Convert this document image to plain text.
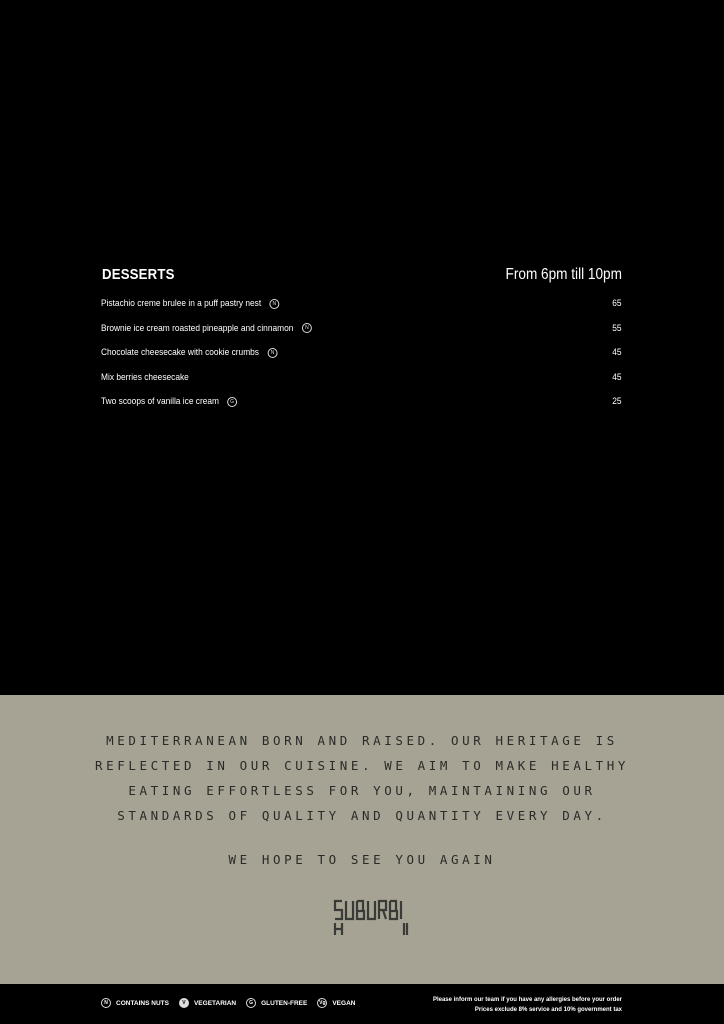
DESSERTS	From 6pm till 10pm
Pistachio creme brulee in a puff pastry nest	N	65
Brownie ice cream roasted pineapple and cinnamon	N	55
Chocolate cheesecake with cookie crumbs	N	45
Mix berries cheesecake	45
Two scoops of vanilla ice cream	G	25
MEDITERRANEAN BORN AND RAISED. OUR HERITAGE IS
REFLECTED IN OUR CUISINE. WE AIM TO MAKE HEALTHY
EATING EFFORTLESS FOR YOU, MAINTAINING OUR
STANDARDS OF QUALITY AND QUANTITY EVERY DAY.
WE HOPE TO SEE YOU AGAIN
N	CONTAINS NUTS	V	VEGETARIAN	G	GLUTEN-FREE	Vg VEGAN	Please inform our team if you have any allergies before your order
Prices exclude 8% service and 10% government tax
